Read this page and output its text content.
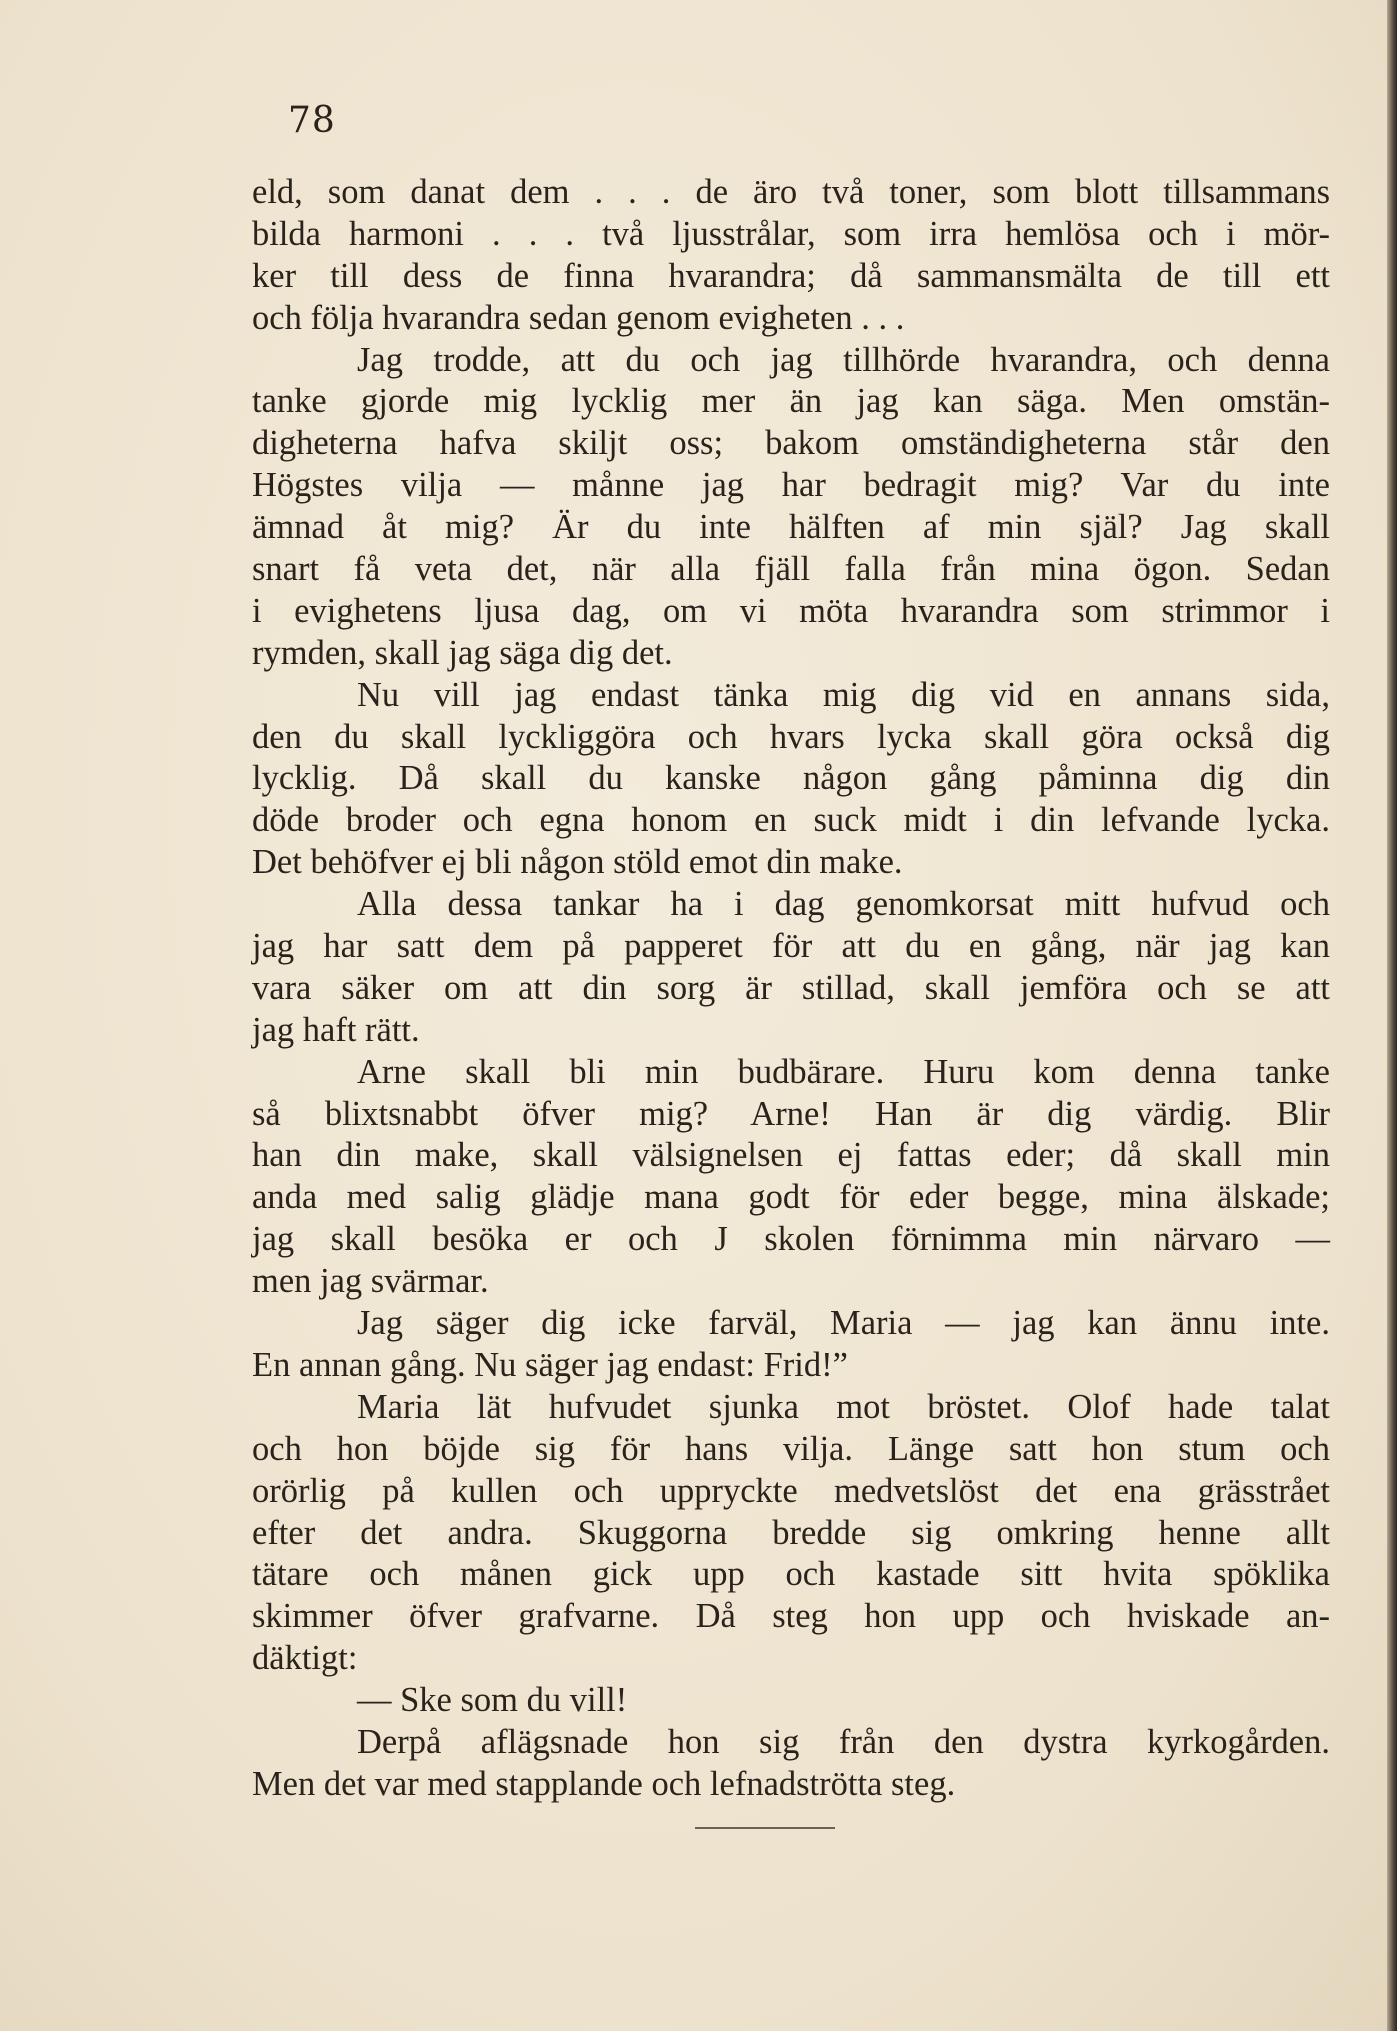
78
eld, som danat dem . . . de äro två toner, som blott tillsammans
bilda harmoni . . . två ljusstrålar, som irra hemlösa och i mör-
ker till dess de finna hvarandra; då sammansmälta de till ett
och följa hvarandra sedan genom evigheten . . .
Jag trodde, att du och jag tillhörde hvarandra, och denna
tanke gjorde mig lycklig mer än jag kan säga. Men omstän-
digheterna hafva skiljt oss; bakom omständigheterna står den
Högstes vilja — månne jag har bedragit mig? Var du inte
ämnad åt mig? Är du inte hälften af min själ? Jag skall
snart få veta det, när alla fjäll falla från mina ögon. Sedan
i evighetens ljusa dag, om vi möta hvarandra som strimmor i
rymden, skall jag säga dig det.
Nu vill jag endast tänka mig dig vid en annans sida,
den du skall lyckliggöra och hvars lycka skall göra också dig
lycklig. Då skall du kanske någon gång påminna dig din
döde broder och egna honom en suck midt i din lefvande lycka.
Det behöfver ej bli någon stöld emot din make.
Alla dessa tankar ha i dag genomkorsat mitt hufvud och
jag har satt dem på papperet för att du en gång, när jag kan
vara säker om att din sorg är stillad, skall jemföra och se att
jag haft rätt.
Arne skall bli min budbärare. Huru kom denna tanke
så blixtsnabbt öfver mig? Arne! Han är dig värdig. Blir
han din make, skall välsignelsen ej fattas eder; då skall min
anda med salig glädje mana godt för eder begge, mina älskade;
jag skall besöka er och J skolen förnimma min närvaro —
men jag svärmar.
Jag säger dig icke farväl, Maria — jag kan ännu inte.
En annan gång. Nu säger jag endast: Frid!”
Maria lät hufvudet sjunka mot bröstet. Olof hade talat
och hon böjde sig för hans vilja. Länge satt hon stum och
orörlig på kullen och uppryckte medvetslöst det ena grässtrået
efter det andra. Skuggorna bredde sig omkring henne allt
tätare och månen gick upp och kastade sitt hvita spöklika
skimmer öfver grafvarne. Då steg hon upp och hviskade an-
däktigt:
— Ske som du vill!
Derpå aflägsnade hon sig från den dystra kyrkogården.
Men det var med stapplande och lefnadströtta steg.
